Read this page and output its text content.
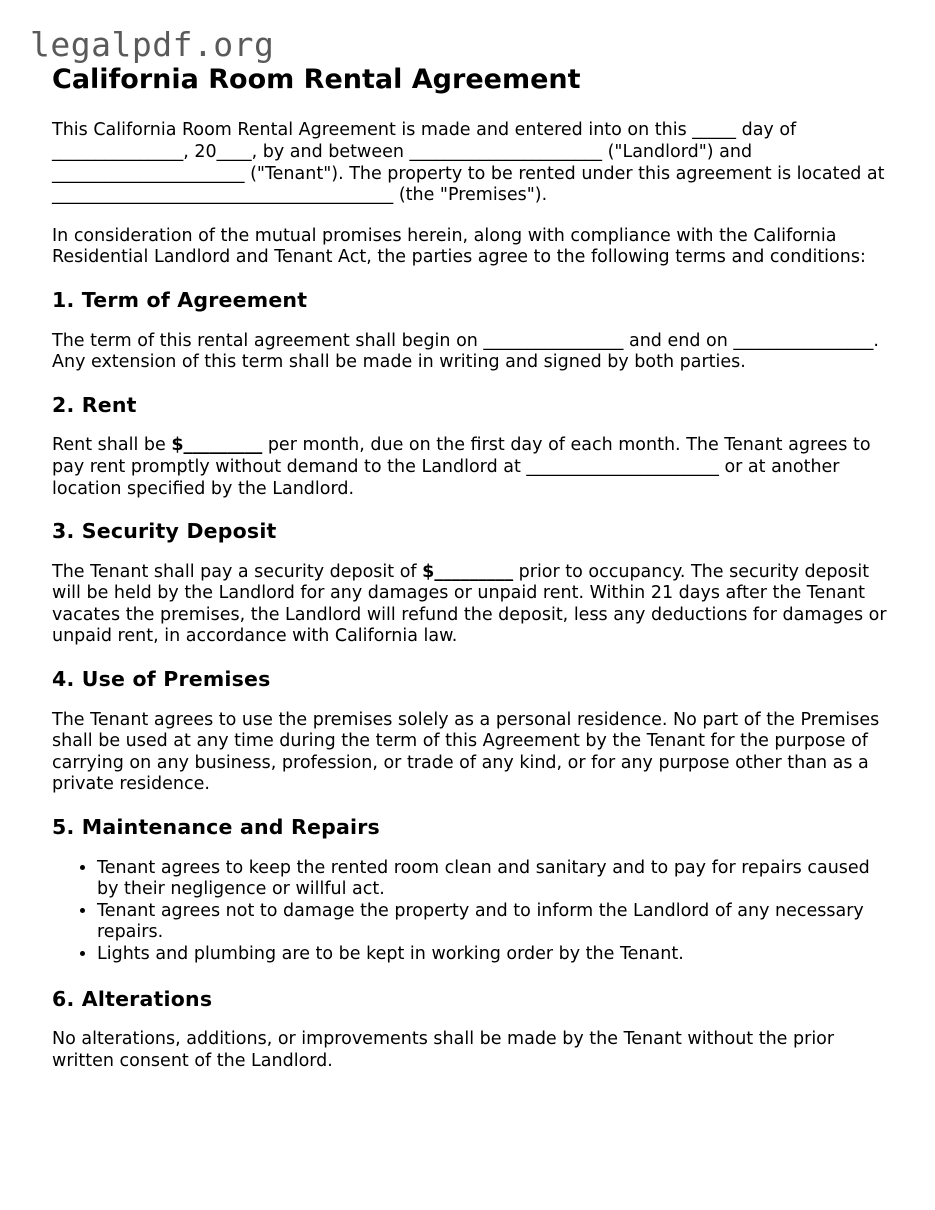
legalpdf.org
California Room Rental Agreement

This California Room Rental Agreement is made and entered into on this _____ day of _______________, 20____, by and between ______________________ ("Landlord") and ______________________ ("Tenant"). The property to be rented under this agreement is located at _______________________________________ (the "Premises").

In consideration of the mutual promises herein, along with compliance with the California Residential Landlord and Tenant Act, the parties agree to the following terms and conditions:

1. Term of Agreement

The term of this rental agreement shall begin on ________________ and end on ________________. Any extension of this term shall be made in writing and signed by both parties.

2. Rent

Rent shall be $_________ per month, due on the first day of each month. The Tenant agrees to pay rent promptly without demand to the Landlord at ______________________ or at another location specified by the Landlord.

3. Security Deposit

The Tenant shall pay a security deposit of $_________ prior to occupancy. The security deposit will be held by the Landlord for any damages or unpaid rent. Within 21 days after the Tenant vacates the premises, the Landlord will refund the deposit, less any deductions for damages or unpaid rent, in accordance with California law.

4. Use of Premises

The Tenant agrees to use the premises solely as a personal residence. No part of the Premises shall be used at any time during the term of this Agreement by the Tenant for the purpose of carrying on any business, profession, or trade of any kind, or for any purpose other than as a private residence.

5. Maintenance and Repairs
• Tenant agrees to keep the rented room clean and sanitary and to pay for repairs caused by their negligence or willful act.
• Tenant agrees not to damage the property and to inform the Landlord of any necessary repairs.
• Lights and plumbing are to be kept in working order by the Tenant.
6. Alterations

No alterations, additions, or improvements shall be made by the Tenant without the prior written consent of the Landlord.
